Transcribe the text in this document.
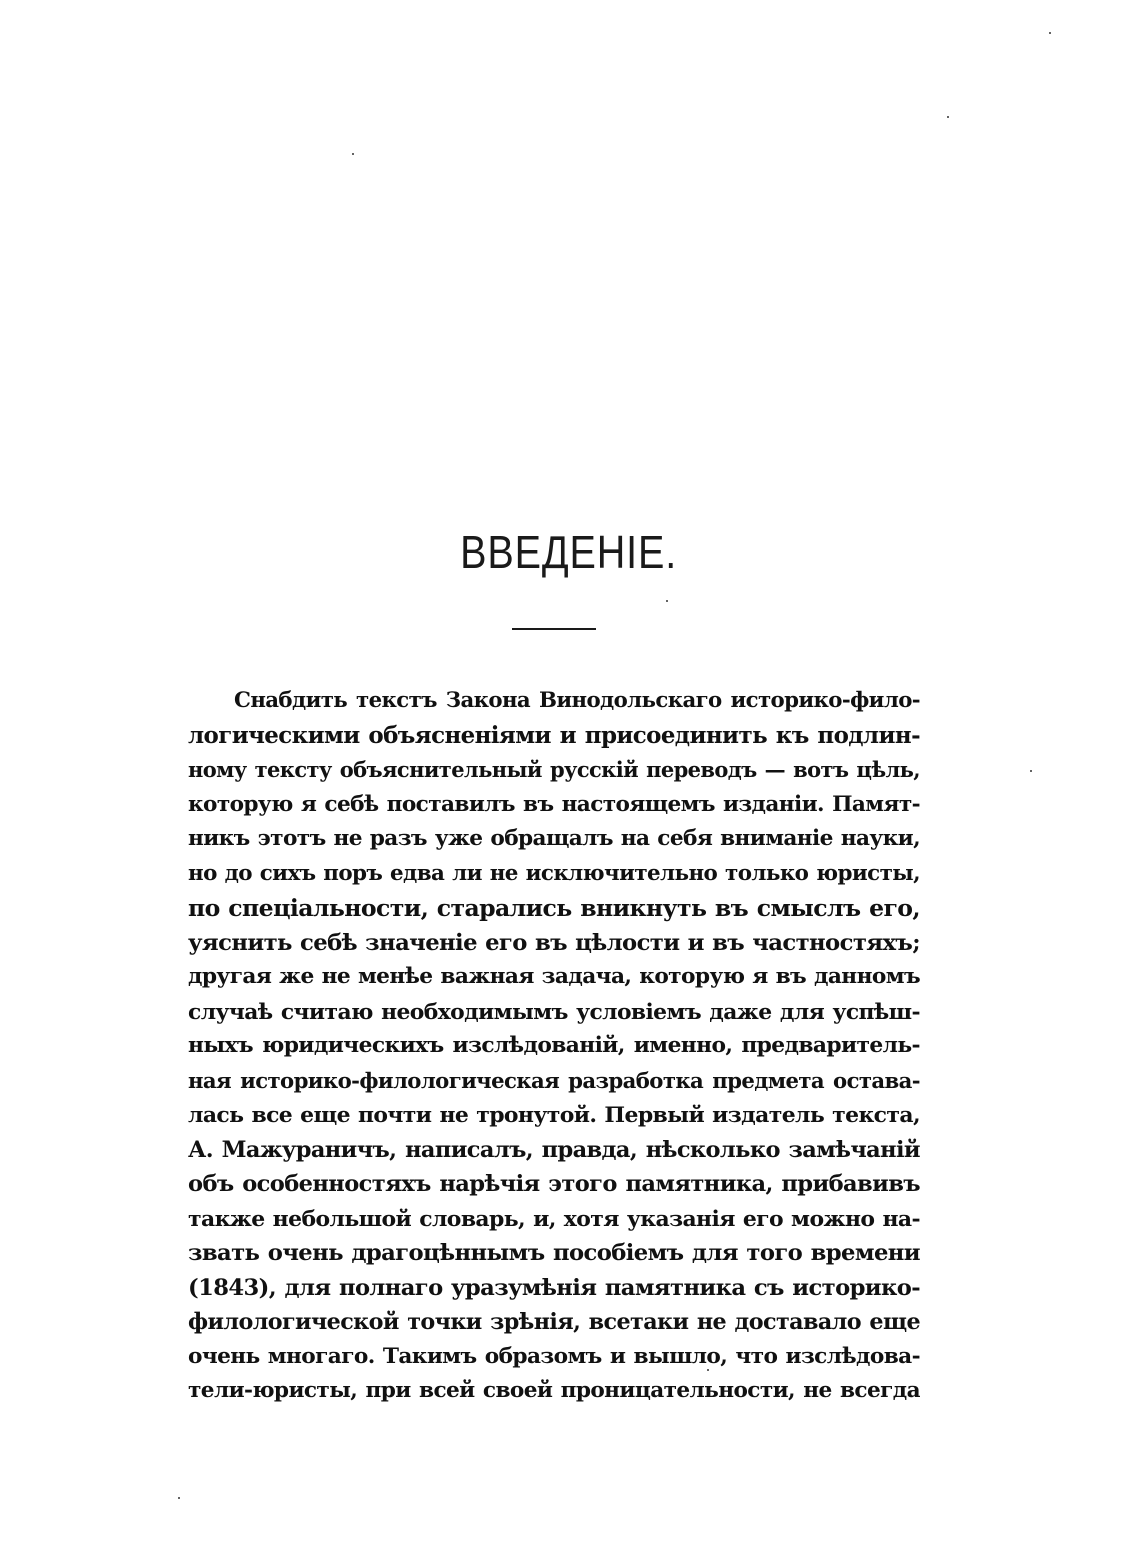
ВВЕДЕНІЕ.
Снабдить текстъ Закона Винодольскаго историко-фило-
логическими объясненіями и присоединить къ подлин-
ному тексту объяснительный русскій переводъ — вотъ цѣль,
которую я себѣ поставилъ въ настоящемъ изданіи. Памят-
никъ этотъ не разъ уже обращалъ на себя вниманіе науки,
но до сихъ поръ едва ли не исключительно только юристы,
по спеціальности, старались вникнуть въ смыслъ его,
уяснить себѣ значеніе его въ цѣлости и въ частностяхъ;
другая же не менѣе важная задача, которую я въ данномъ
случаѣ считаю необходимымъ условіемъ даже для успѣш-
ныхъ юридическихъ изслѣдованій, именно, предваритель-
ная историко-филологическая разработка предмета остава-
лась все еще почти не тронутой. Первый издатель текста,
А. Мажураничъ, написалъ, правда, нѣсколько замѣчаній
объ особенностяхъ нарѣчія этого памятника, прибавивъ
также небольшой словарь, и, хотя указанія его можно на-
звать очень драгоцѣннымъ пособіемъ для того времени
(1843), для полнаго уразумѣнія памятника съ историко-
филологической точки зрѣнія, всетаки не доставало еще
очень многаго. Такимъ образомъ и вышло, что изслѣдова-
тели-юристы, при всей своей проницательности, не всегда
